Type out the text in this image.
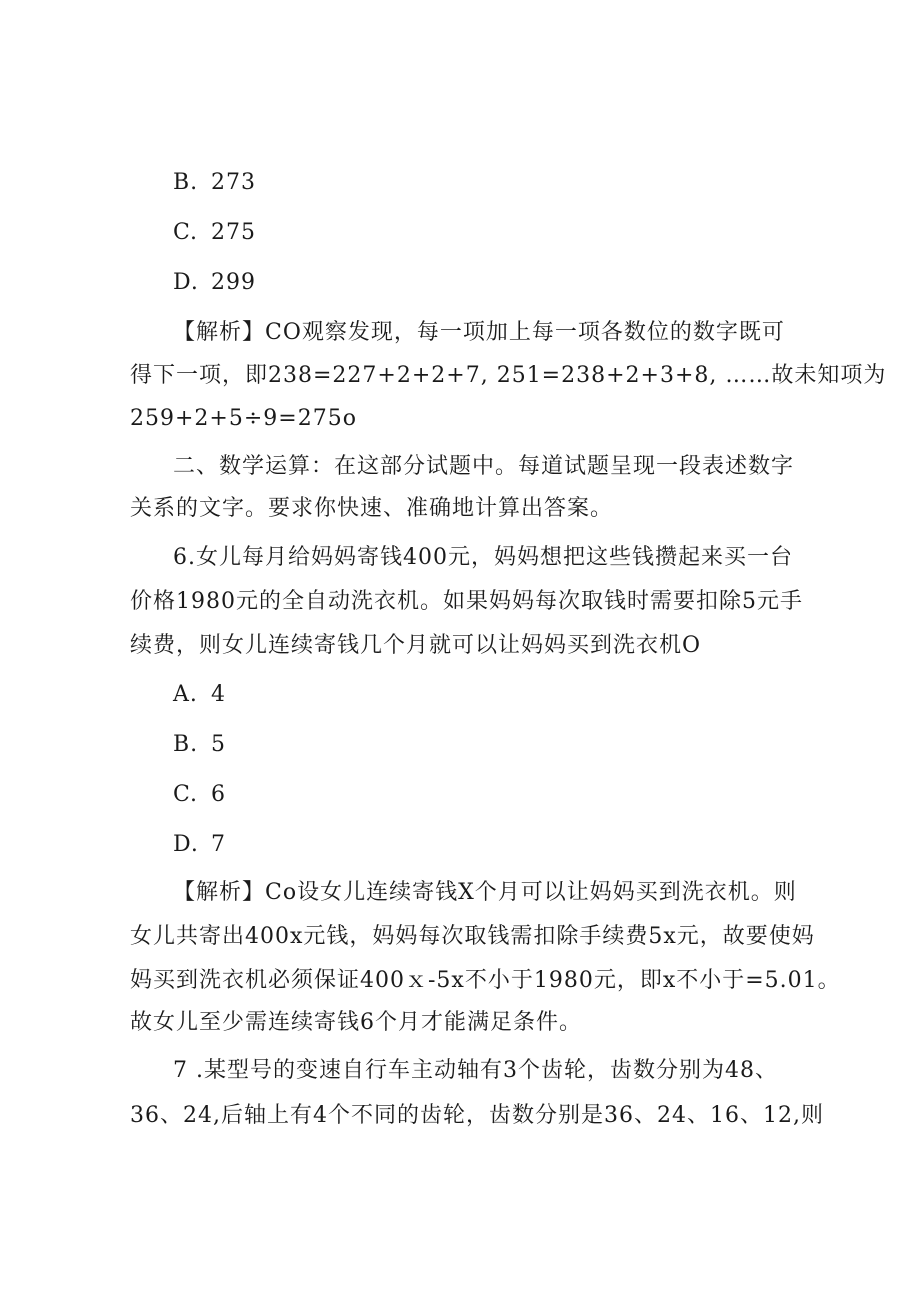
B. 273
C. 275
D. 299
【解析】CO观察发现，每一项加上每一项各数位的数字既可
得下一项，即238=227+2+2+7, 251=238+2+3+8, ……故未知项为
259+2+5÷9=275o
二、数学运算：在这部分试题中。每道试题呈现一段表述数字
关系的文字。要求你快速、准确地计算出答案。
6.女儿每月给妈妈寄钱400元，妈妈想把这些钱攒起来买一台
价格1980元的全自动洗衣机。如果妈妈每次取钱时需要扣除5元手
续费，则女儿连续寄钱几个月就可以让妈妈买到洗衣机O
A. 4
B. 5
C. 6
D. 7
【解析】Co设女儿连续寄钱X个月可以让妈妈买到洗衣机。则
女儿共寄出400x元钱，妈妈每次取钱需扣除手续费5x元，故要使妈
妈买到洗衣机必须保证400ｘ-5x不小于1980元，即x不小于=5.01。
故女儿至少需连续寄钱6个月才能满足条件。
7 .某型号的变速自行车主动轴有3个齿轮，齿数分别为48、
36、24,后轴上有4个不同的齿轮，齿数分别是36、24、16、12,则
